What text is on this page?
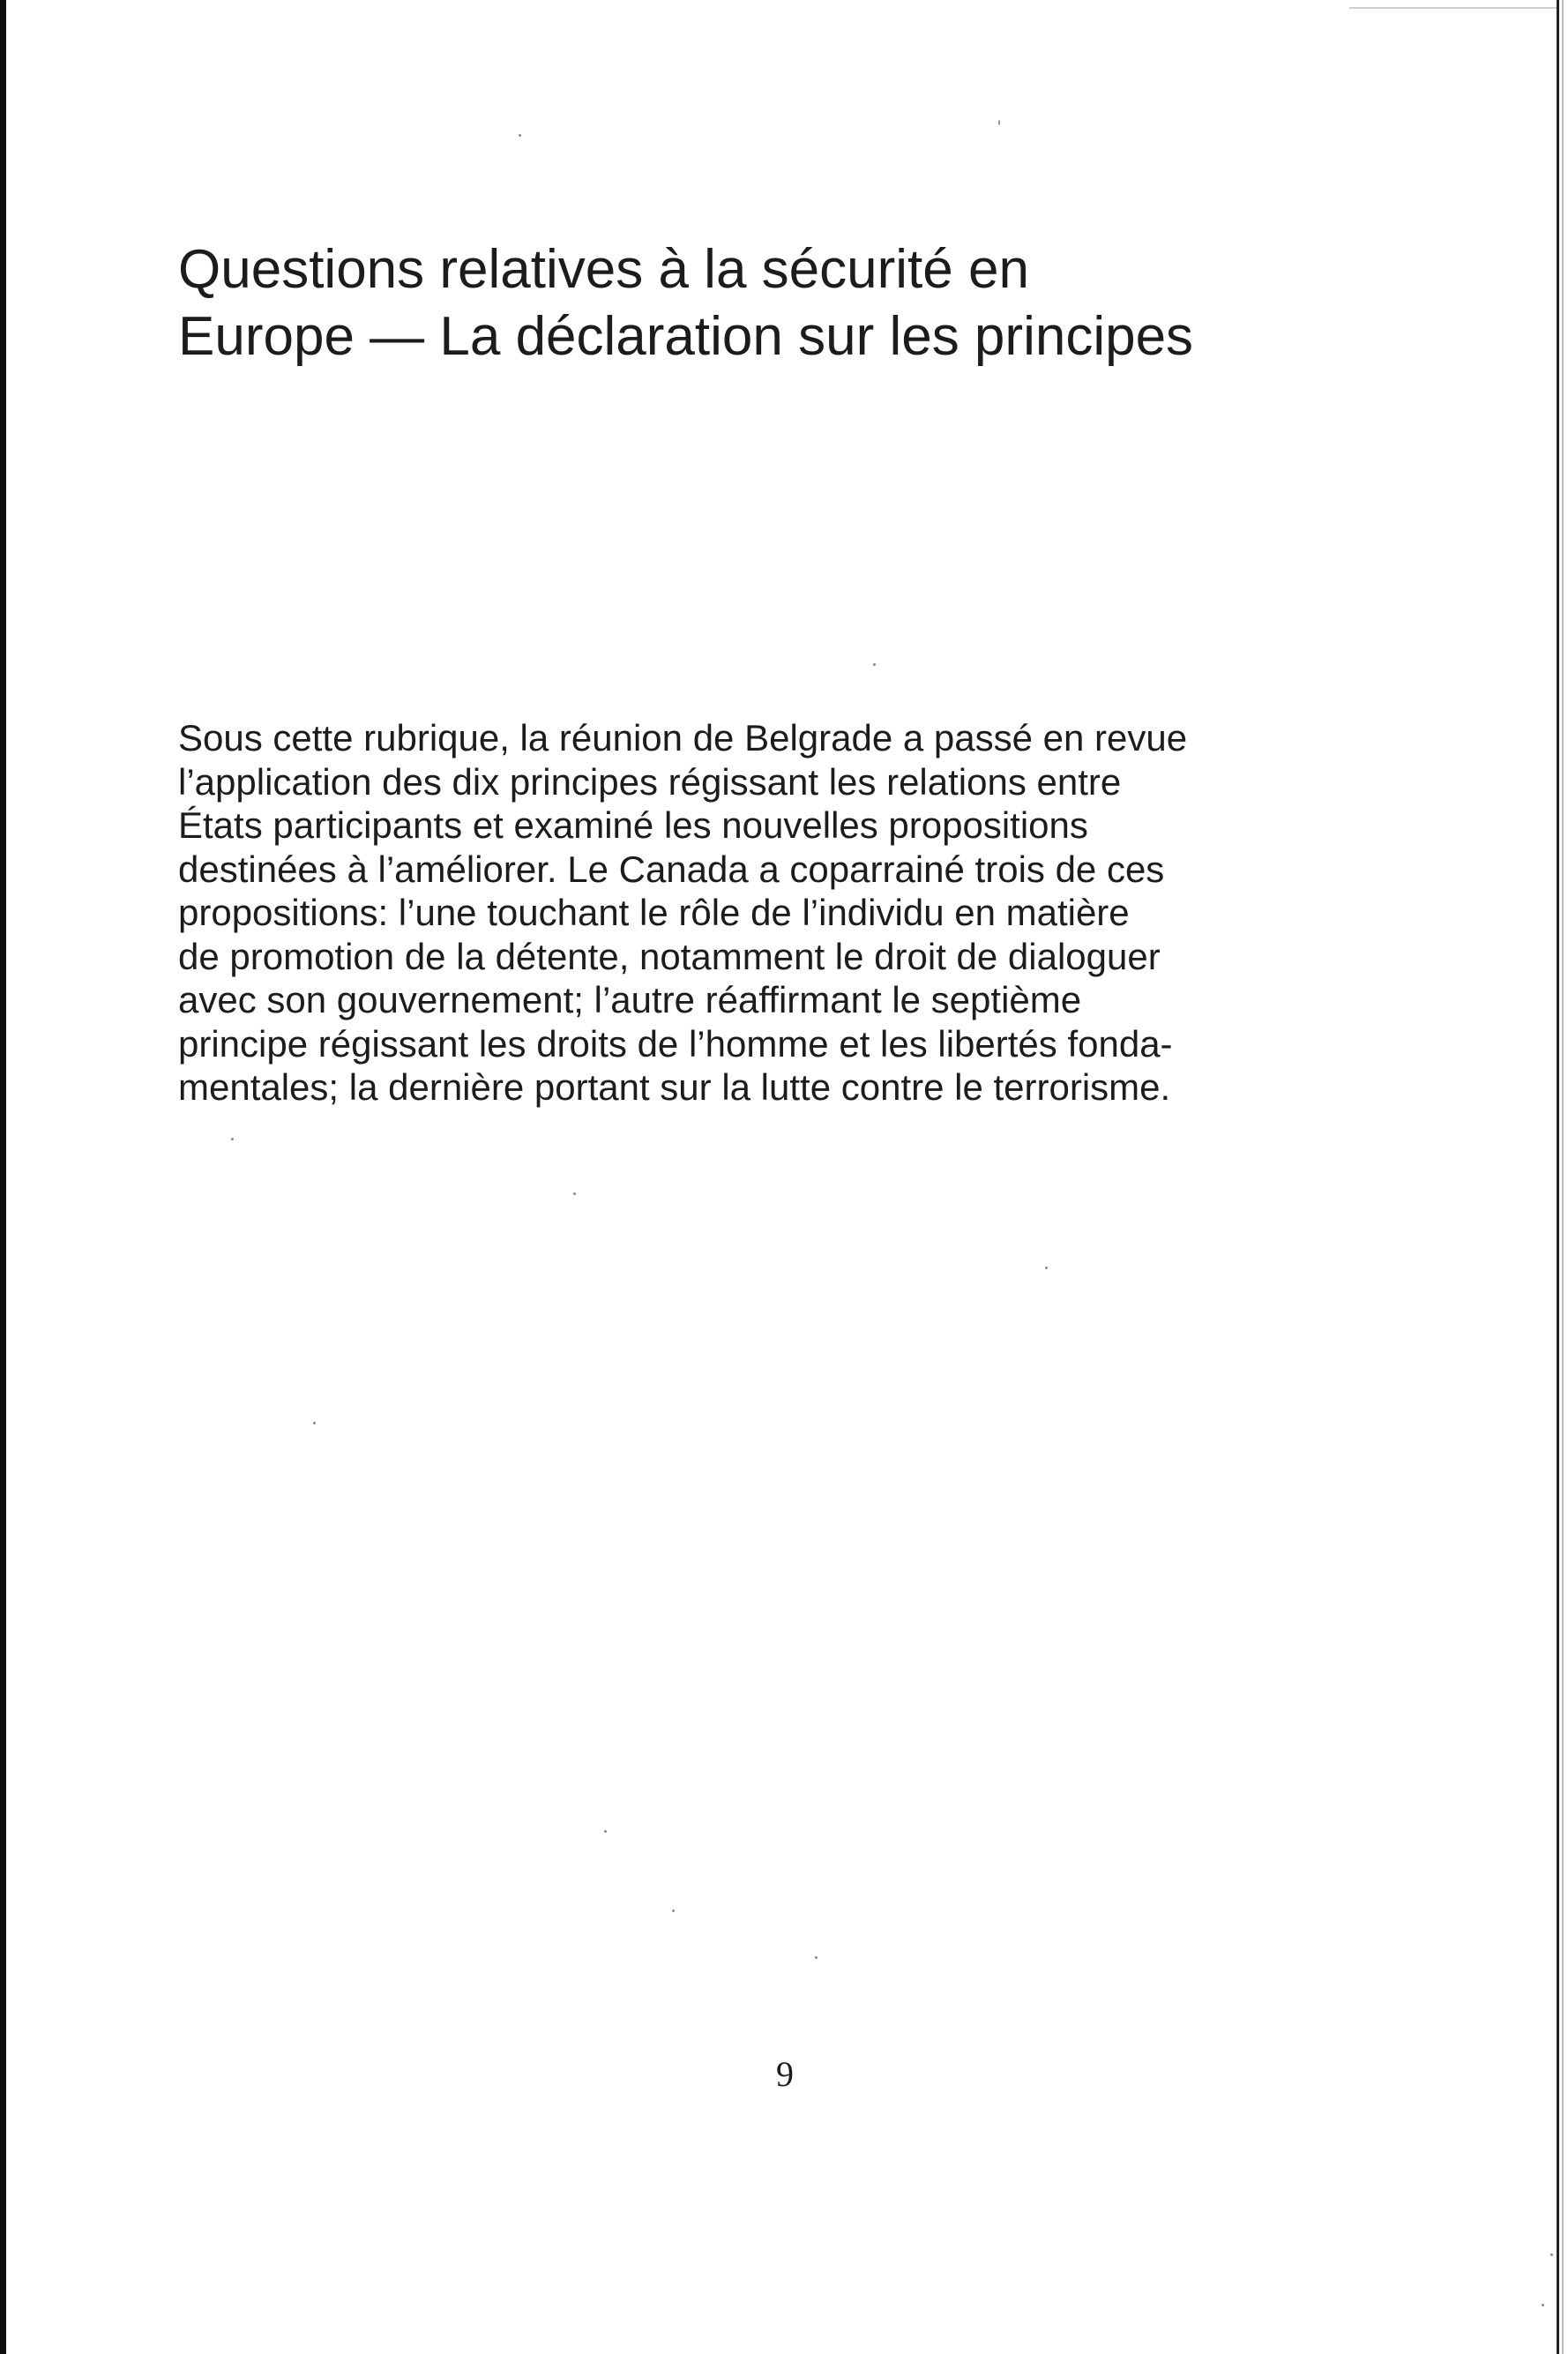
Questions relatives à la sécurité en
Europe — La déclaration sur les principes

Sous cette rubrique, la réunion de Belgrade a passé en revue
l’application des dix principes régissant les relations entre
États participants et examiné les nouvelles propositions
destinées à l’améliorer. Le Canada a coparrainé trois de ces
propositions: l’une touchant le rôle de l’individu en matière
de promotion de la détente, notamment le droit de dialoguer
avec son gouvernement; l’autre réaffirmant le septième
principe régissant les droits de l’homme et les libertés fonda-
mentales; la dernière portant sur la lutte contre le terrorisme.

9
